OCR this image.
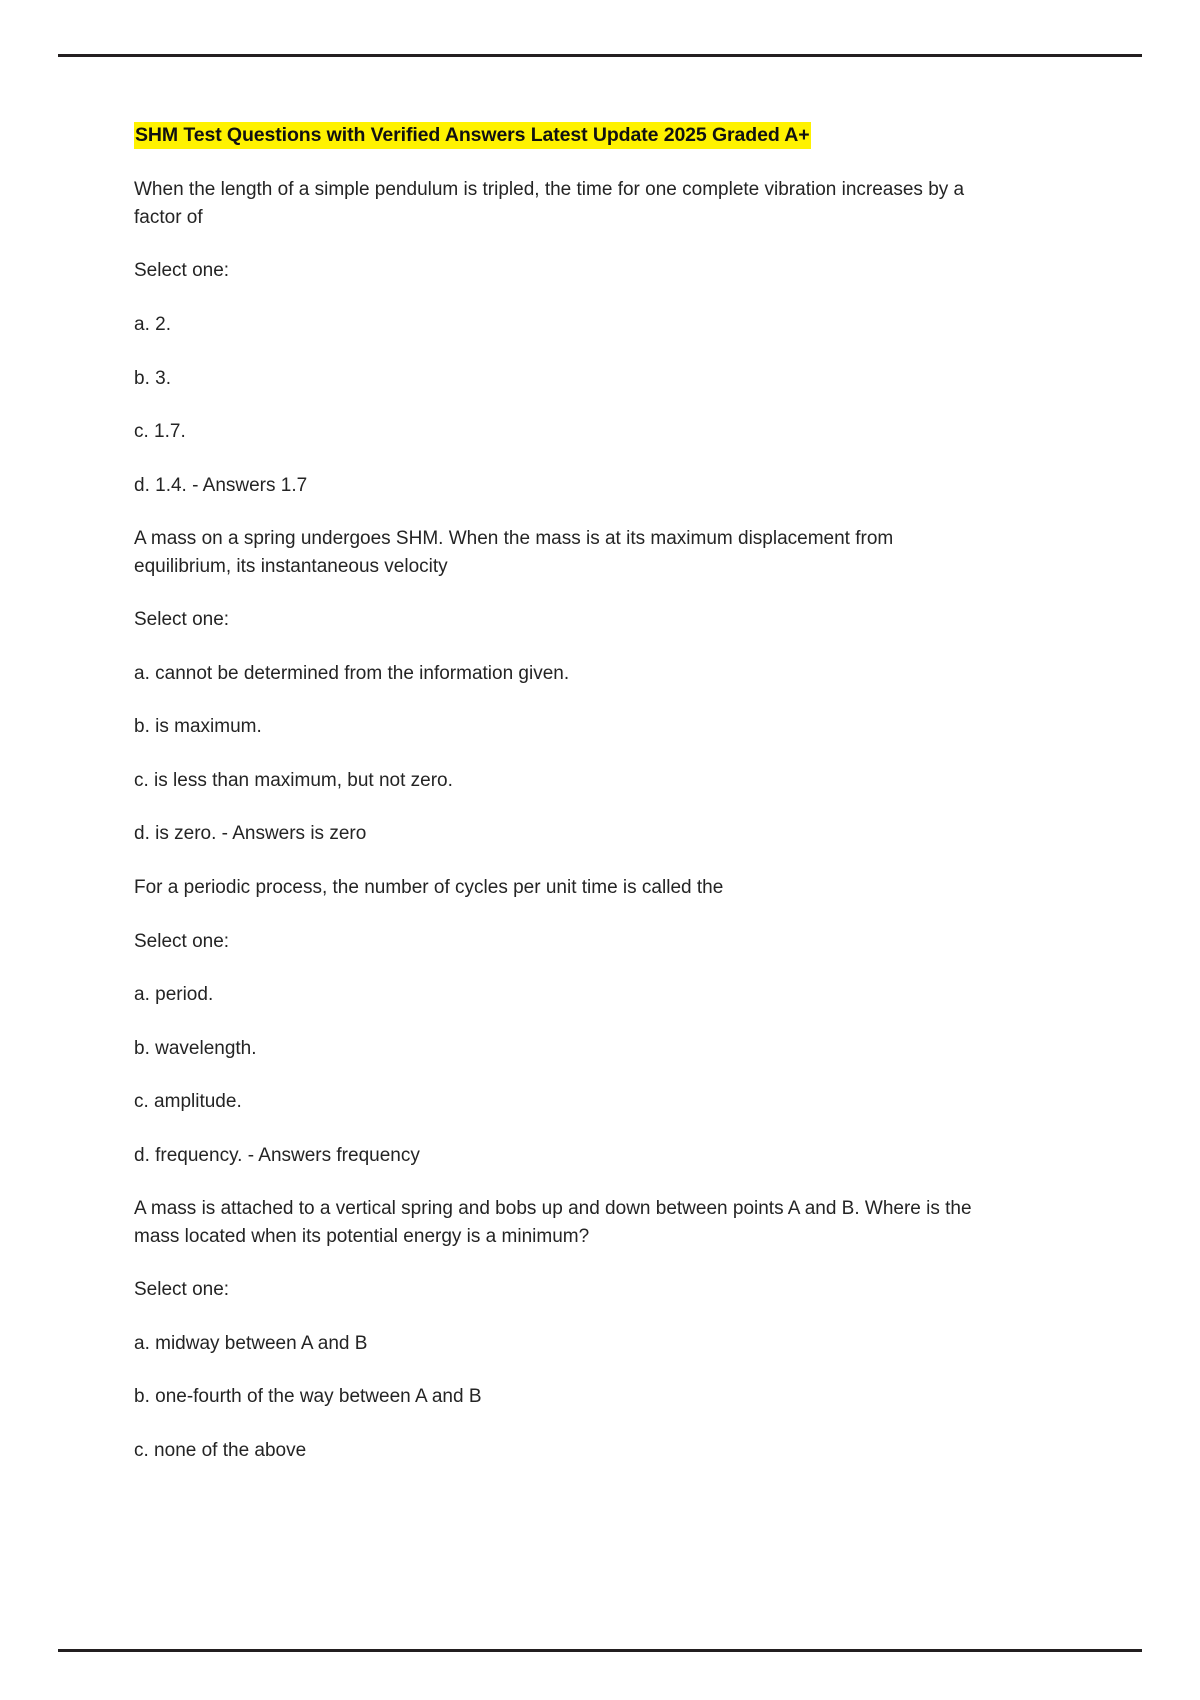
SHM Test Questions with Verified Answers Latest Update 2025 Graded A+

When the length of a simple pendulum is tripled, the time for one complete vibration increases by a factor of

Select one:

a. 2.

b. 3.

c. 1.7.

d. 1.4. - Answers 1.7

A mass on a spring undergoes SHM. When the mass is at its maximum displacement from equilibrium, its instantaneous velocity

Select one:

a. cannot be determined from the information given.

b. is maximum.

c. is less than maximum, but not zero.

d. is zero. - Answers is zero

For a periodic process, the number of cycles per unit time is called the

Select one:

a. period.

b. wavelength.

c. amplitude.

d. frequency. - Answers frequency

A mass is attached to a vertical spring and bobs up and down between points A and B. Where is the mass located when its potential energy is a minimum?

Select one:

a. midway between A and B

b. one-fourth of the way between A and B

c. none of the above
